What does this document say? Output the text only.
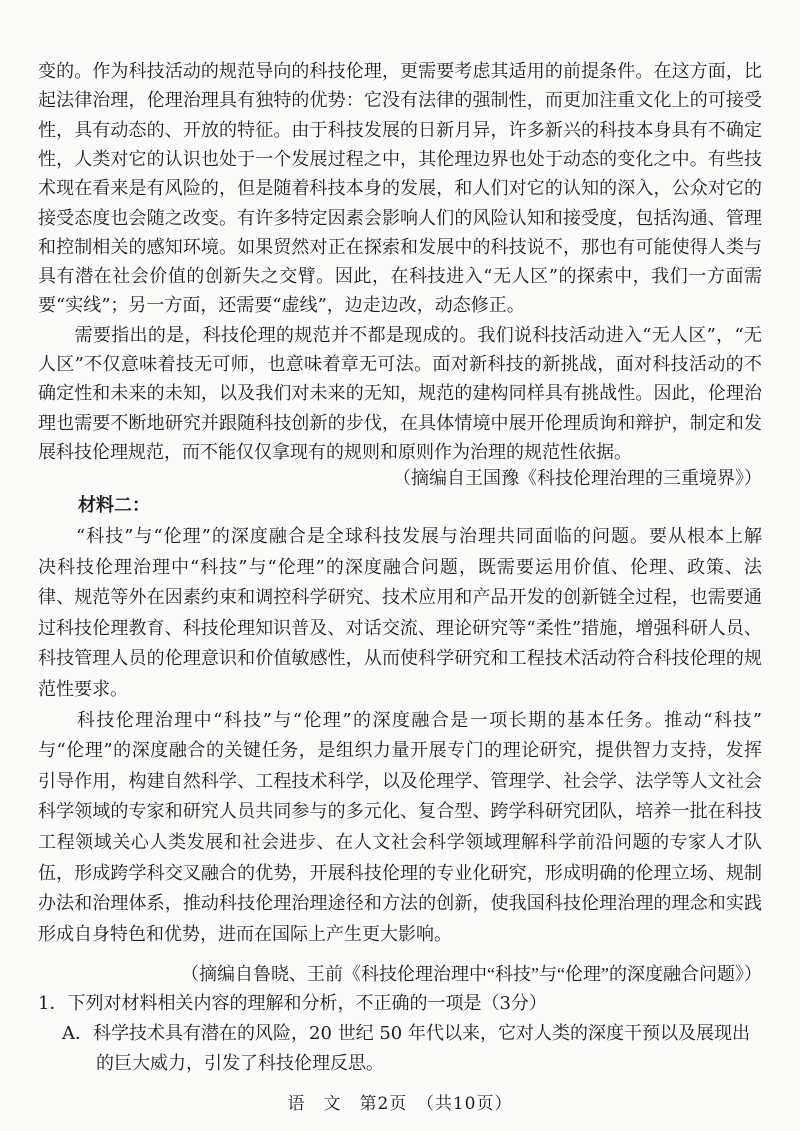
变的。作为科技活动的规范导向的科技伦理，更需要考虑其适用的前提条件。在这方面，比
起法律治理，伦理治理具有独特的优势：它没有法律的强制性，而更加注重文化上的可接受
性，具有动态的、开放的特征。由于科技发展的日新月异，许多新兴的科技本身具有不确定
性，人类对它的认识也处于一个发展过程之中，其伦理边界也处于动态的变化之中。有些技
术现在看来是有风险的，但是随着科技本身的发展，和人们对它的认知的深入，公众对它的
接受态度也会随之改变。有许多特定因素会影响人们的风险认知和接受度，包括沟通、管理
和控制相关的感知环境。如果贸然对正在探索和发展中的科技说不，那也有可能使得人类与
具有潜在社会价值的创新失之交臂。因此，在科技进入“无人区”的探索中，我们一方面需
要“实线”；另一方面，还需要“虚线”，边走边改，动态修正。
　　需要指出的是，科技伦理的规范并不都是现成的。我们说科技活动进入“无人区”，“无
人区”不仅意味着技无可师，也意味着章无可法。面对新科技的新挑战，面对科技活动的不
确定性和未来的未知，以及我们对未来的无知，规范的建构同样具有挑战性。因此，伦理治
理也需要不断地研究并跟随科技创新的步伐，在具体情境中展开伦理质询和辩护，制定和发
展科技伦理规范，而不能仅仅拿现有的规则和原则作为治理的规范性依据。
（摘编自王国豫《科技伦理治理的三重境界》）
材料二：
　　“科技”与“伦理”的深度融合是全球科技发展与治理共同面临的问题。要从根本上解
决科技伦理治理中“科技”与“伦理”的深度融合问题，既需要运用价值、伦理、政策、法
律、规范等外在因素约束和调控科学研究、技术应用和产品开发的创新链全过程，也需要通
过科技伦理教育、科技伦理知识普及、对话交流、理论研究等“柔性”措施，增强科研人员、
科技管理人员的伦理意识和价值敏感性，从而使科学研究和工程技术活动符合科技伦理的规
范性要求。
　　科技伦理治理中“科技”与“伦理”的深度融合是一项长期的基本任务。推动“科技”
与“伦理”的深度融合的关键任务，是组织力量开展专门的理论研究，提供智力支持，发挥
引导作用，构建自然科学、工程技术科学，以及伦理学、管理学、社会学、法学等人文社会
科学领域的专家和研究人员共同参与的多元化、复合型、跨学科研究团队，培养一批在科技
工程领域关心人类发展和社会进步、在人文社会科学领域理解科学前沿问题的专家人才队
伍，形成跨学科交叉融合的优势，开展科技伦理的专业化研究，形成明确的伦理立场、规制
办法和治理体系，推动科技伦理治理途径和方法的创新，使我国科技伦理治理的理念和实践
形成自身特色和优势，进而在国际上产生更大影响。
（摘编自鲁晓、王前《科技伦理治理中“科技”与“伦理”的深度融合问题》）
1．下列对材料相关内容的理解和分析，不正确的一项是（3分）
A．科学技术具有潜在的风险，20 世纪 50 年代以来，它对人类的深度干预以及展现出
的巨大威力，引发了科技伦理反思。
语　文　第2页　（共10页）
